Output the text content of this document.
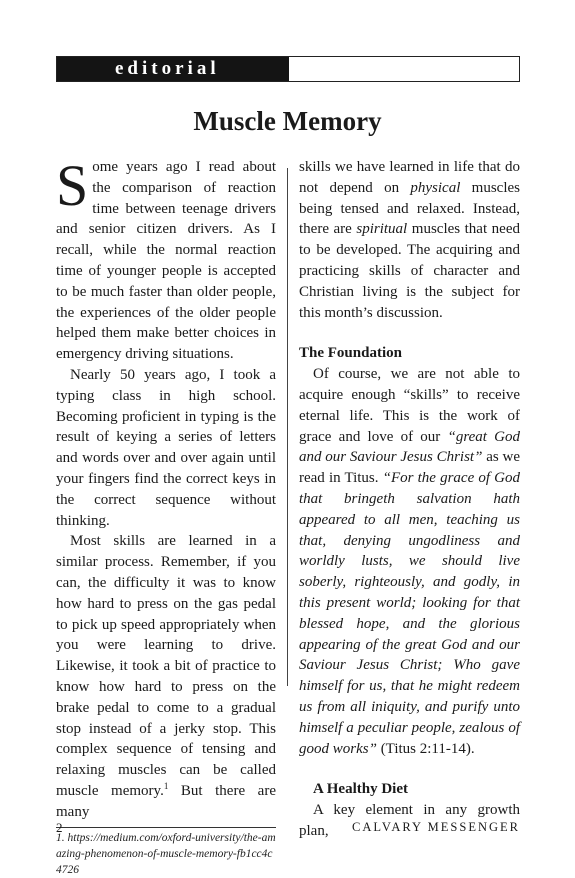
editorial
Muscle Memory

Some years ago I read about the comparison of reaction time between teenage drivers and senior citizen drivers. As I recall, while the normal reaction time of younger people is accepted to be much faster than older people, the experiences of the older people helped them make better choices in emergency driving situations.

Nearly 50 years ago, I took a typing class in high school. Becoming proficient in typing is the result of keying a series of letters and words over and over again until your fingers find the correct keys in the correct sequence without thinking.

Most skills are learned in a similar process. Remember, if you can, the difficulty it was to know how hard to press on the gas pedal to pick up speed appropriately when you were learning to drive. Likewise, it took a bit of practice to know how hard to press on the brake pedal to come to a gradual stop instead of a jerky stop. This complex sequence of tensing and relaxing muscles can be called muscle memory.$^1$ But there are many

1. https://medium.com/oxford-university/the-amazing-phenomenon-of-muscle-memory-fb1cc4c4726

skills we have learned in life that do not depend on physical muscles being tensed and relaxed. Instead, there are spiritual muscles that need to be developed. The acquiring and practicing skills of character and Christian living is the subject for this month’s discussion.

The Foundation

Of course, we are not able to acquire enough “skills” to receive eternal life. This is the work of grace and love of our “great God and our Saviour Jesus Christ” as we read in Titus. “For the grace of God that bringeth salvation hath appeared to all men, teaching us that, denying ungodliness and worldly lusts, we should live soberly, righteously, and godly, in this present world; looking for that blessed hope, and the glorious appearing of the great God and our Saviour Jesus Christ; Who gave himself for us, that he might redeem us from all iniquity, and purify unto himself a peculiar people, zealous of good works” (Titus 2:11-14).

A Healthy Diet

A key element in any growth plan,

2	CALVARY MESSENGER
